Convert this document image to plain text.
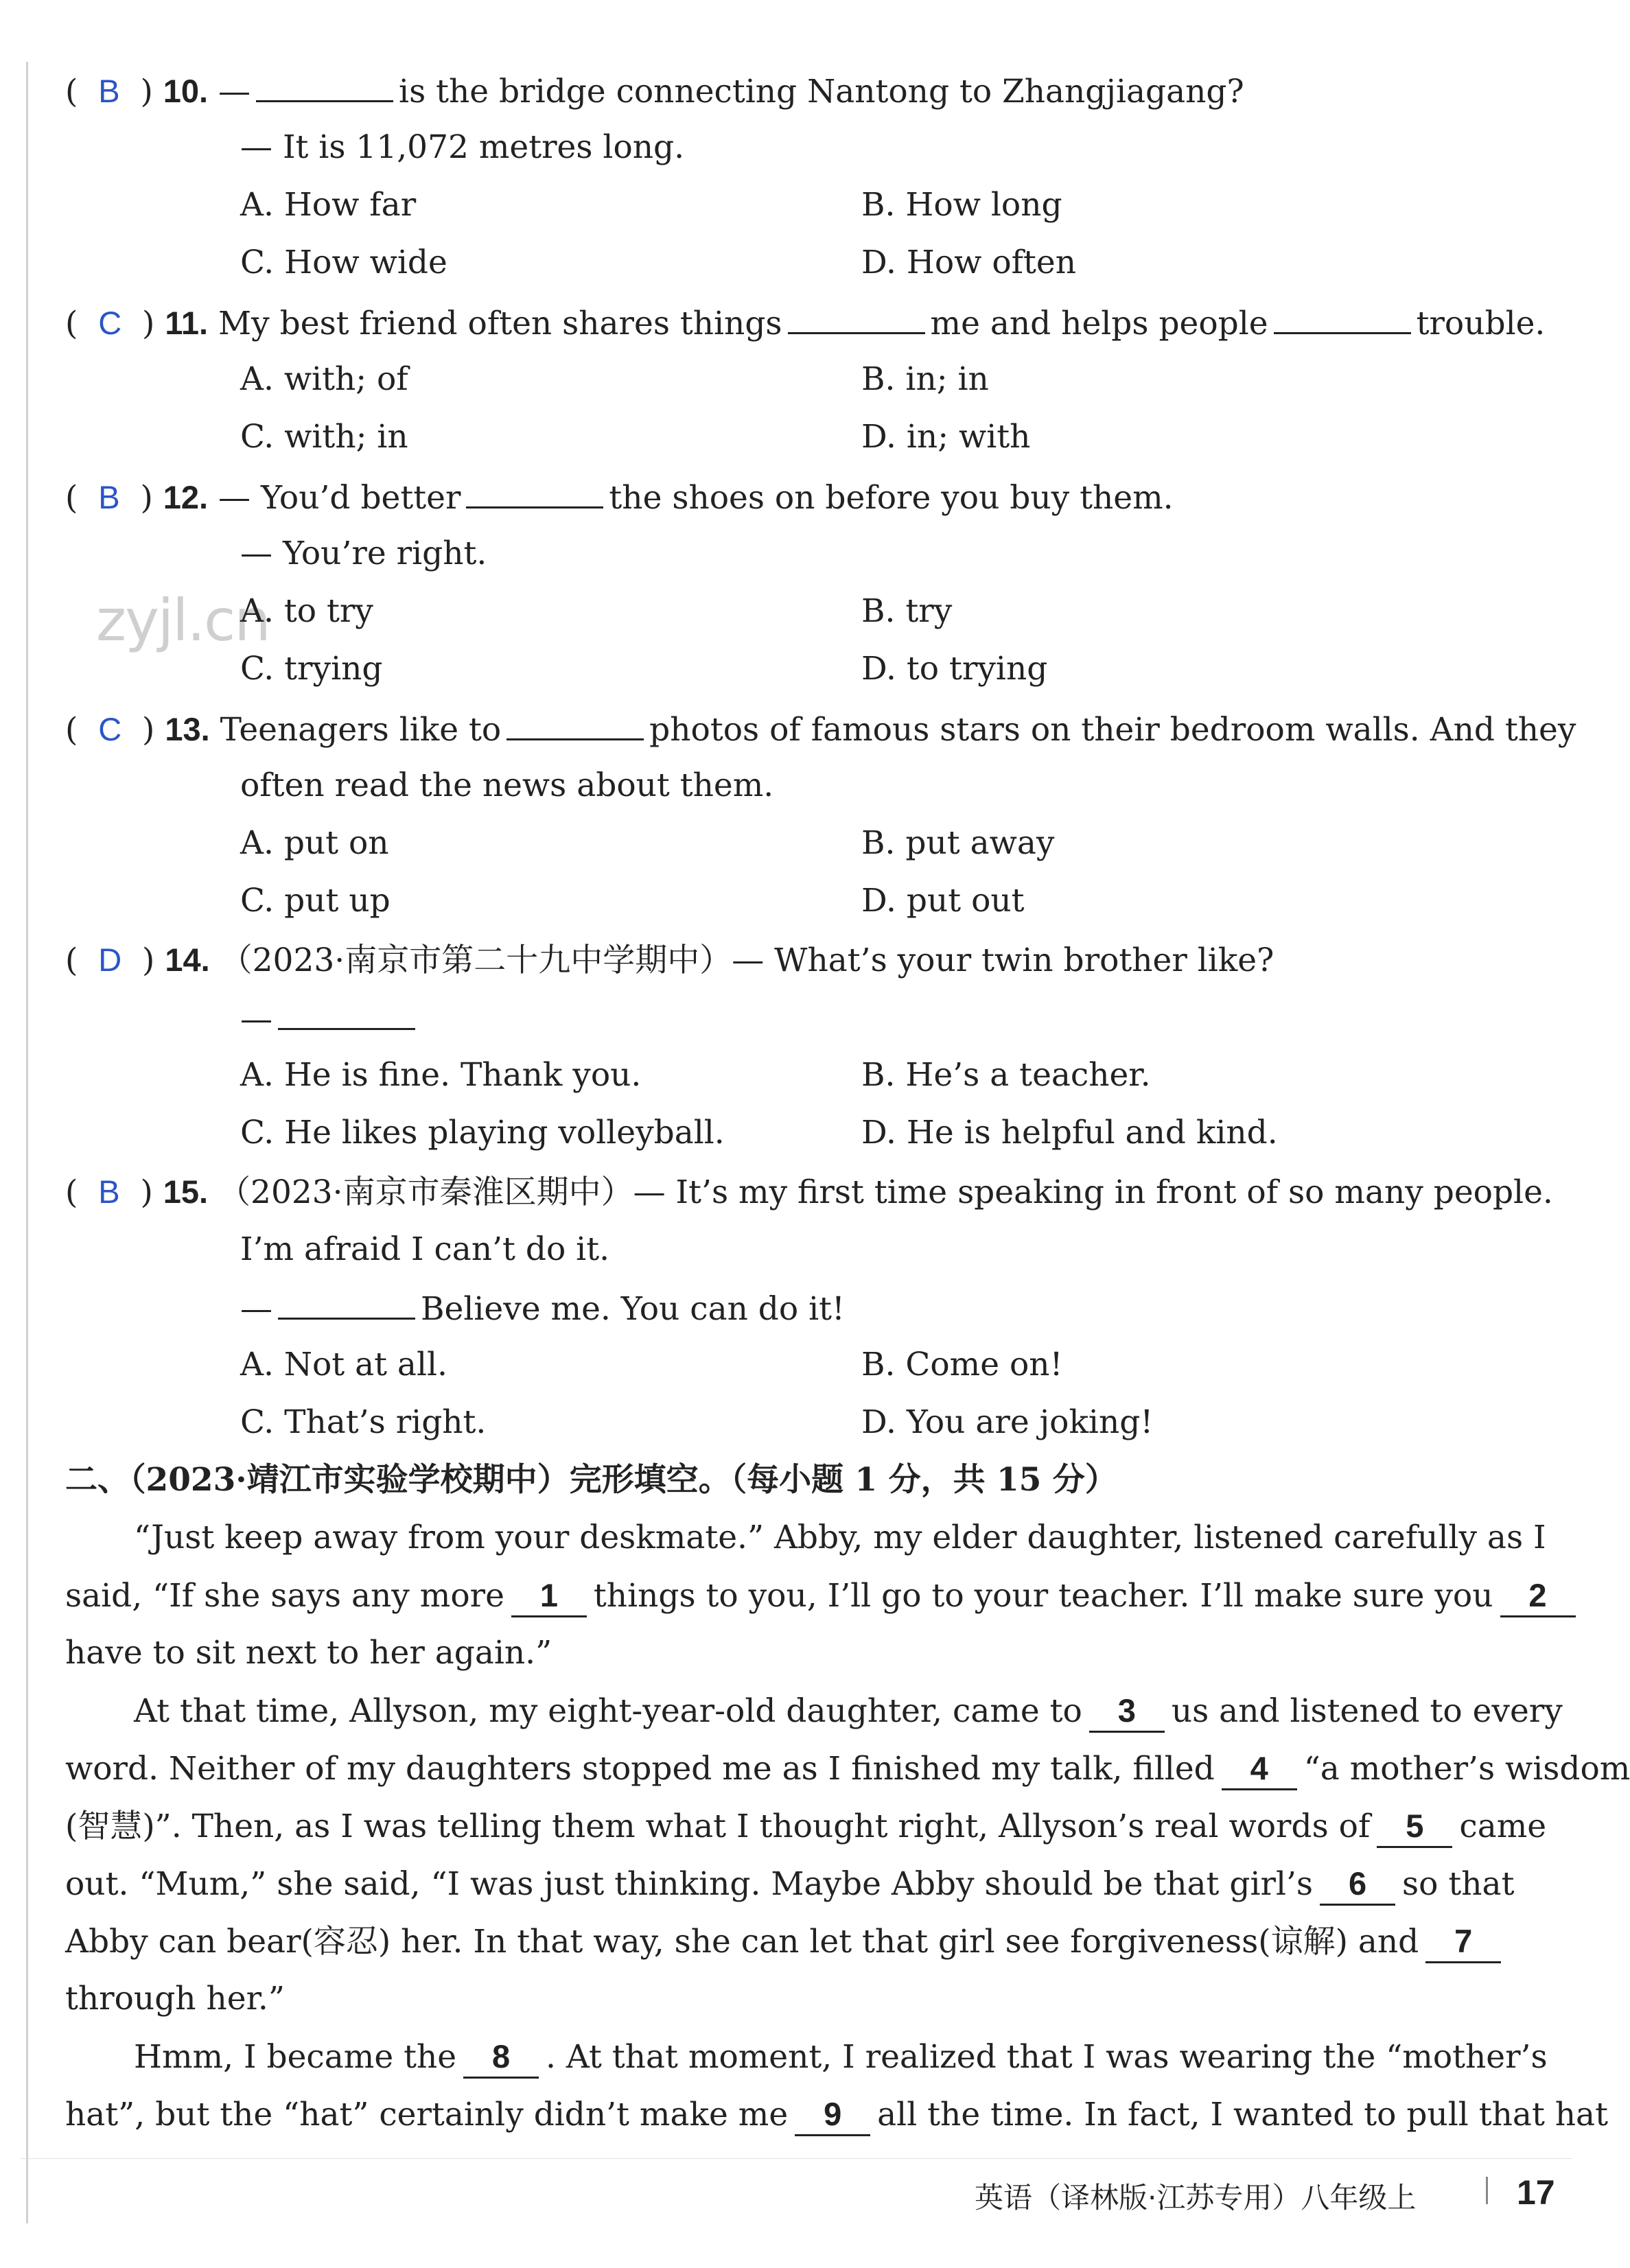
zyjl.cn
(  B  ) 10. —	is the bridge connecting Nantong to Zhangjiagang?
— It is 11,072 metres long.
A. How far	B. How long
C. How wide	D. How often
(  C  ) 11. My best friend often shares things	me and helps people	trouble.
A. with; of	B. in; in
C. with; in	D. in; with
(  B  ) 12. — You’d better	the shoes on before you buy them.
— You’re right.
A. to try	B. try
C. trying	D. to trying
(  C  ) 13. Teenagers like to	photos of famous stars on their bedroom walls. And they
often read the news about them.
A. put on	B. put away
C. put up	D. put out
(  D  ) 14. （2023·南京市第二十九中学期中）— What’s your twin brother like?
—
A. He is fine. Thank you.	B. He’s a teacher.
C. He likes playing volleyball.	D. He is helpful and kind.
(  B  ) 15. （2023·南京市秦淮区期中）— It’s my first time speaking in front of so many people.
I’m afraid I can’t do it.
—	Believe me. You can do it!
A. Not at all.	B. Come on!
C. That’s right.	D. You are joking!
二、（2023·靖江市实验学校期中）完形填空。（每小题 1 分，共 15 分）
“Just keep away from your deskmate.” Abby, my elder daughter, listened carefully as I
said, “If she says any more 1 things to you, I’ll go to your teacher. I’ll make sure you 2
have to sit next to her again.”
At that time, Allyson, my eight-year-old daughter, came to 3 us and listened to every
word. Neither of my daughters stopped me as I finished my talk, filled 4 “a mother’s wisdom
(智慧)”. Then, as I was telling them what I thought right, Allyson’s real words of 5 came
out. “Mum,” she said, “I was just thinking. Maybe Abby should be that girl’s 6 so that
Abby can bear(容忍) her. In that way, she can let that girl see forgiveness(谅解) and 7
through her.”
Hmm, I became the 8 . At that moment, I realized that I was wearing the “mother’s
hat”, but the “hat” certainly didn’t make me 9 all the time. In fact, I wanted to pull that hat
英语（译林版·江苏专用）八年级上	17
